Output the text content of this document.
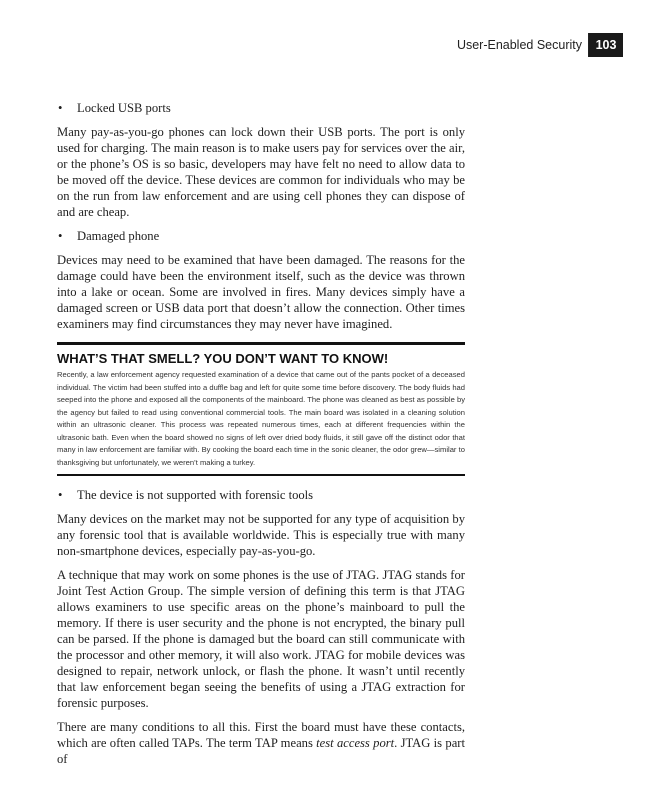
User-Enabled Security	103
• Locked USB ports

Many pay-as-you-go phones can lock down their USB ports. The port is only used for charging. The main reason is to make users pay for services over the air, or the phone’s OS is so basic, developers may have felt no need to allow data to be moved off the device. These devices are common for individuals who may be on the run from law enforcement and are using cell phones they can dispose of and are cheap.

• Damaged phone

Devices may need to be examined that have been damaged. The reasons for the damage could have been the environment itself, such as the device was thrown into a lake or ocean. Some are involved in fires. Many devices simply have a damaged screen or USB data port that doesn’t allow the connection. Other times examiners may find circumstances they may never have imagined.

WHAT’S THAT SMELL? YOU DON’T WANT TO KNOW!

Recently, a law enforcement agency requested examination of a device that came out of the pants pocket of a deceased individual. The victim had been stuffed into a duffle bag and left for quite some time before discovery. The body fluids had seeped into the phone and exposed all the components of the mainboard. The phone was cleaned as best as possible by the agency but failed to read using conventional commercial tools. The main board was isolated in a cleaning solution within an ultrasonic cleaner. This process was repeated numerous times, each at different frequencies within the ultrasonic bath. Even when the board showed no signs of left over dried body fluids, it still gave off the distinct odor that many in law enforcement are familiar with. By cooking the board each time in the sonic cleaner, the odor grew—similar to thanksgiving but unfortunately, we weren’t making a turkey.

• The device is not supported with forensic tools

Many devices on the market may not be supported for any type of acquisition by any forensic tool that is available worldwide. This is especially true with many non-smartphone devices, especially pay-as-you-go.

A technique that may work on some phones is the use of JTAG. JTAG stands for Joint Test Action Group. The simple version of defining this term is that JTAG allows examiners to use specific areas on the phone’s mainboard to pull the memory. If there is user security and the phone is not encrypted, the binary pull can be parsed. If the phone is damaged but the board can still communicate with the processor and other memory, it will also work. JTAG for mobile devices was designed to repair, network unlock, or flash the phone. It wasn’t until recently that law enforcement began seeing the benefits of using a JTAG extraction for forensic purposes.

There are many conditions to all this. First the board must have these contacts, which are often called TAPs. The term TAP means test access port. JTAG is part of
